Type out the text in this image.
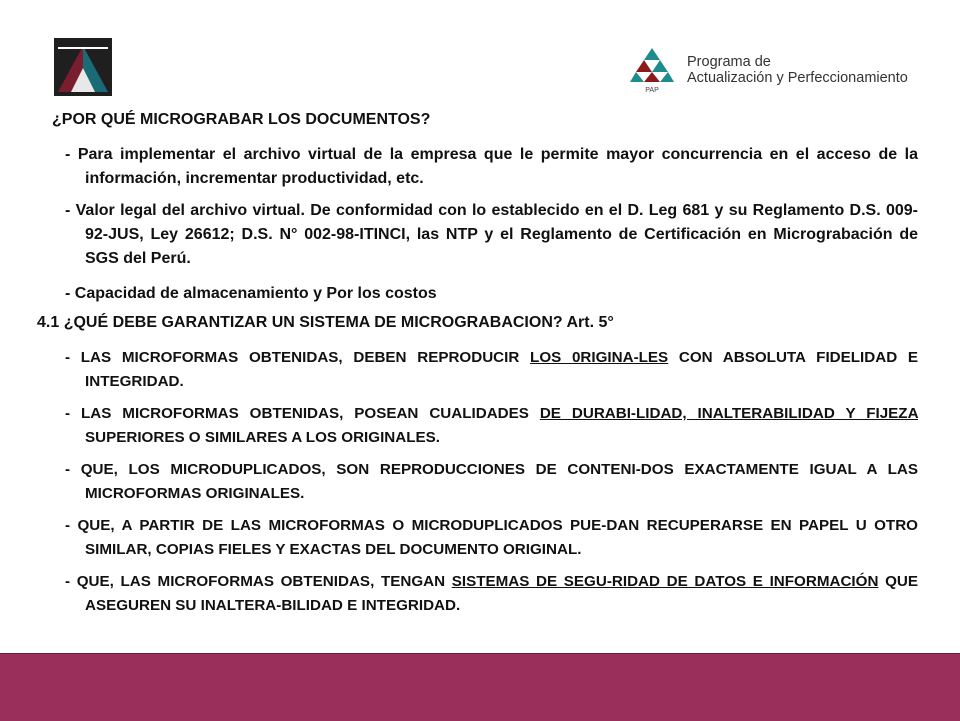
PAP
Programa de
Actualización y Perfeccionamiento
¿POR QUÉ MICROGRABAR LOS DOCUMENTOS?
- Para implementar el archivo virtual de la empresa que le permite mayor concurrencia en el acceso de la información, incrementar productividad, etc.
- Valor legal del archivo virtual. De conformidad con lo establecido en el D. Leg 681 y su Reglamento D.S. 009-92-JUS, Ley 26612; D.S. N° 002-98-ITINCI, las NTP y el Reglamento de Certificación en Micrograbación de SGS del Perú.
- Capacidad de almacenamiento y Por los costos
4.1 ¿QUÉ DEBE GARANTIZAR UN SISTEMA DE MICROGRABACION? Art. 5°
- LAS MICROFORMAS OBTENIDAS, DEBEN REPRODUCIR LOS 0RIGINA-LES CON ABSOLUTA FIDELIDAD E INTEGRIDAD.
- LAS MICROFORMAS OBTENIDAS, POSEAN CUALIDADES DE DURABI-LIDAD, INALTERABILIDAD Y FIJEZA SUPERIORES O SIMILARES A LOS ORIGINALES.
- QUE, LOS MICRODUPLICADOS, SON REPRODUCCIONES DE CONTENI-DOS EXACTAMENTE IGUAL A LAS MICROFORMAS ORIGINALES.
- QUE, A PARTIR DE LAS MICROFORMAS O MICRODUPLICADOS PUE-DAN RECUPERARSE EN PAPEL U OTRO SIMILAR, COPIAS FIELES Y EXACTAS DEL DOCUMENTO ORIGINAL.
- QUE, LAS MICROFORMAS OBTENIDAS, TENGAN SISTEMAS DE SEGU-RIDAD DE DATOS E INFORMACIÓN QUE ASEGUREN SU INALTERA-BILIDAD E INTEGRIDAD.
